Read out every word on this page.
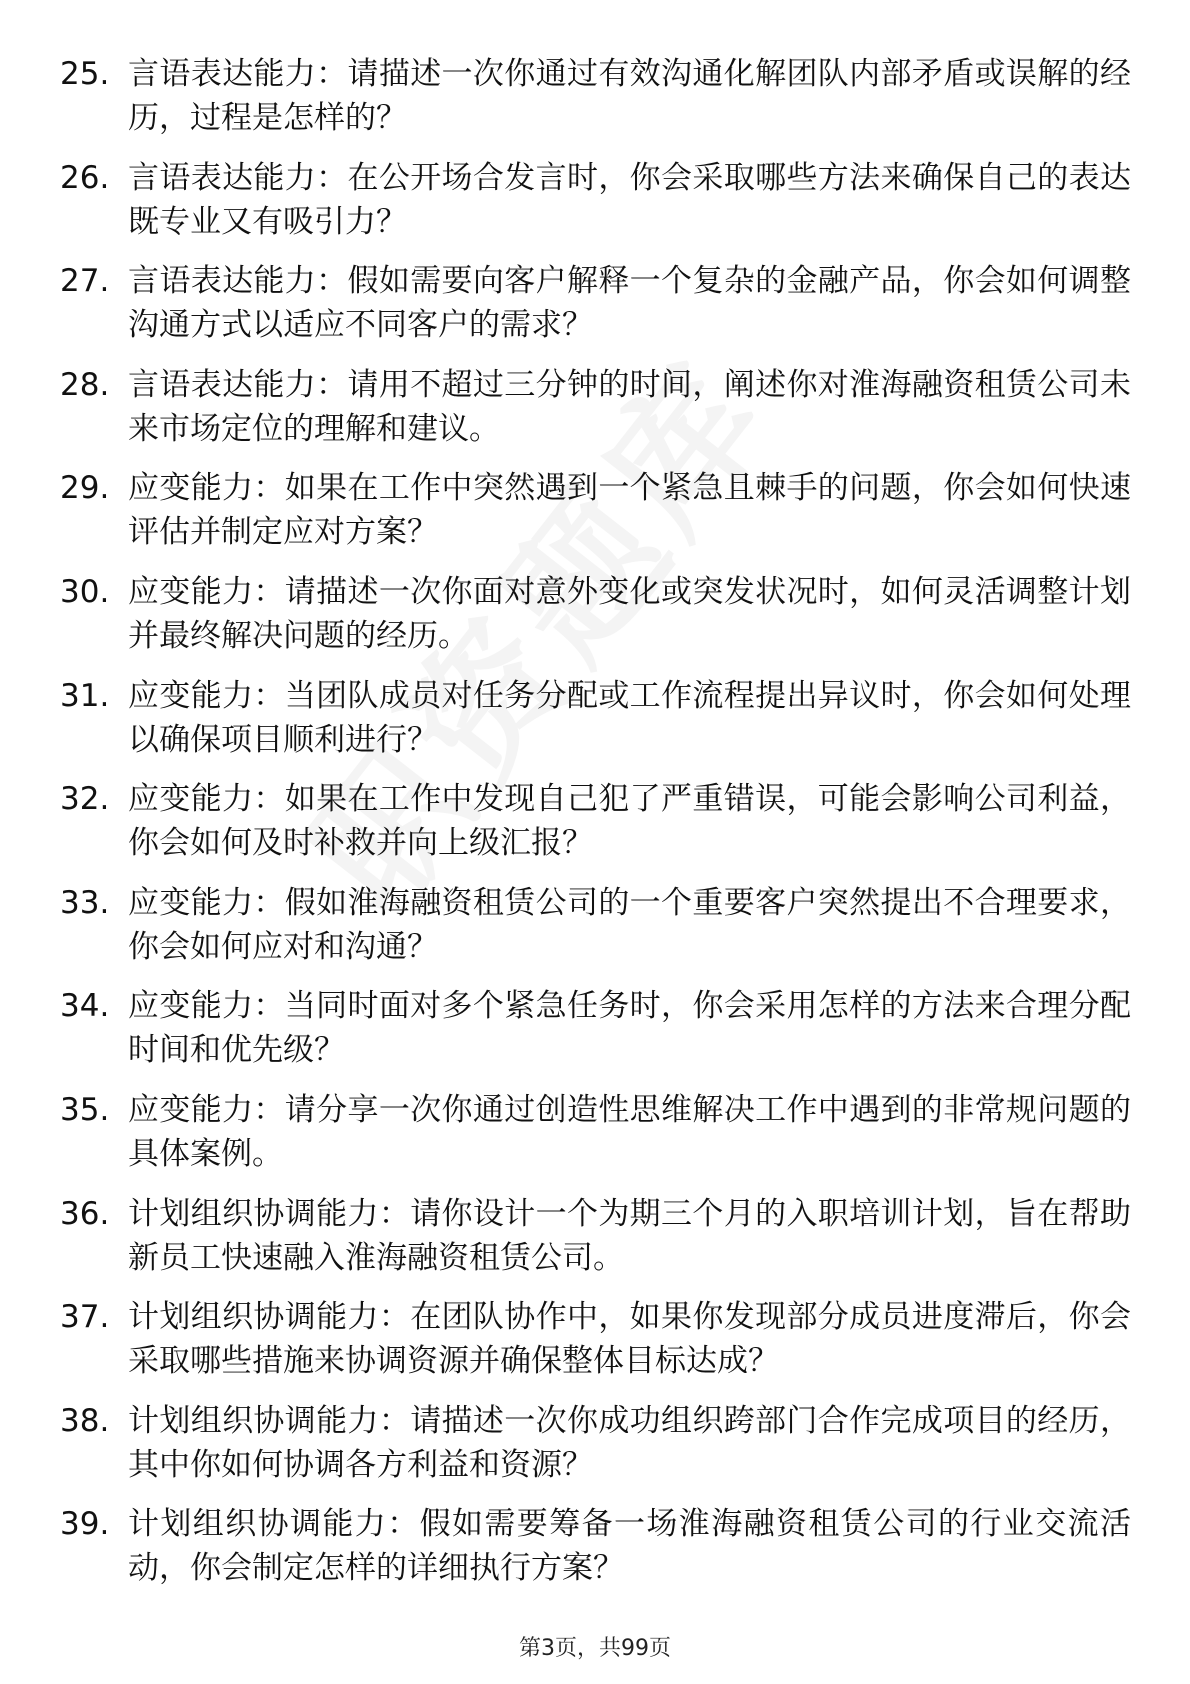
25. 言语表达能力：请描述一次你通过有效沟通化解团队内部矛盾或误解的经历，过程是怎样的？
26. 言语表达能力：在公开场合发言时，你会采取哪些方法来确保自己的表达既专业又有吸引力？
27. 言语表达能力：假如需要向客户解释一个复杂的金融产品，你会如何调整沟通方式以适应不同客户的需求？
28. 言语表达能力：请用不超过三分钟的时间，阐述你对淮海融资租赁公司未来市场定位的理解和建议。
29. 应变能力：如果在工作中突然遇到一个紧急且棘手的问题，你会如何快速评估并制定应对方案？
30. 应变能力：请描述一次你面对意外变化或突发状况时，如何灵活调整计划并最终解决问题的经历。
31. 应变能力：当团队成员对任务分配或工作流程提出异议时，你会如何处理以确保项目顺利进行？
32. 应变能力：如果在工作中发现自己犯了严重错误，可能会影响公司利益，你会如何及时补救并向上级汇报？
33. 应变能力：假如淮海融资租赁公司的一个重要客户突然提出不合理要求，你会如何应对和沟通？
34. 应变能力：当同时面对多个紧急任务时，你会采用怎样的方法来合理分配时间和优先级？
35. 应变能力：请分享一次你通过创造性思维解决工作中遇到的非常规问题的具体案例。
36. 计划组织协调能力：请你设计一个为期三个月的入职培训计划，旨在帮助新员工快速融入淮海融资租赁公司。
37. 计划组织协调能力：在团队协作中，如果你发现部分成员进度滞后，你会采取哪些措施来协调资源并确保整体目标达成？
38. 计划组织协调能力：请描述一次你成功组织跨部门合作完成项目的经历，其中你如何协调各方利益和资源？
39. 计划组织协调能力：假如需要筹备一场淮海融资租赁公司的行业交流活动，你会制定怎样的详细执行方案？
第3页，共99页
